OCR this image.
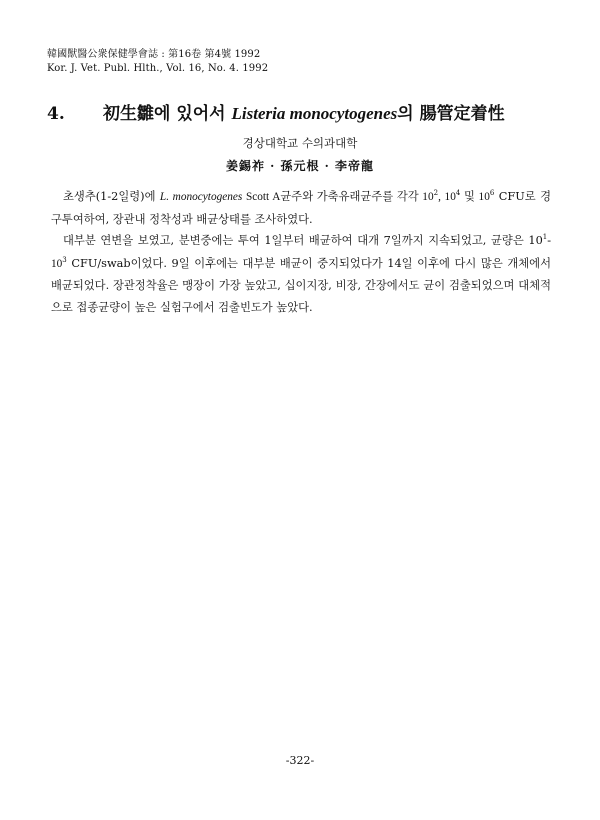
韓國獸醫公衆保健學會誌 : 第16卷 第4號 1992
Kor. J. Vet. Publ. Hlth., Vol. 16, No. 4. 1992
4. 初生雛에 있어서 Listeria monocytogenes의 腸管定着性
경상대학교 수의과대학
姜錫祚 · 孫元根 · 李帝龍

초생추(1-2일령)에 L. monocytogenes Scott A균주와 가축유래균주를 각각 $10^2$, $10^4$ 및 $10^6$ CFU로 경구투여하여, 장관내 정착성과 배균상태를 조사하였다.

대부분 연변을 보였고, 분변중에는 투여 1일부터 배균하여 대개 7일까지 지속되었고, 균량은 $10^1-10^3$ CFU/swab이었다. 9일 이후에는 대부분 배균이 중지되었다가 14일 이후에 다시 많은 개체에서 배균되었다. 장관정착율은 맹장이 가장 높았고, 십이지장, 비장, 간장에서도 균이 검출되었으며 대체적으로 접종균량이 높은 실험구에서 검출빈도가 높았다.

-322-
